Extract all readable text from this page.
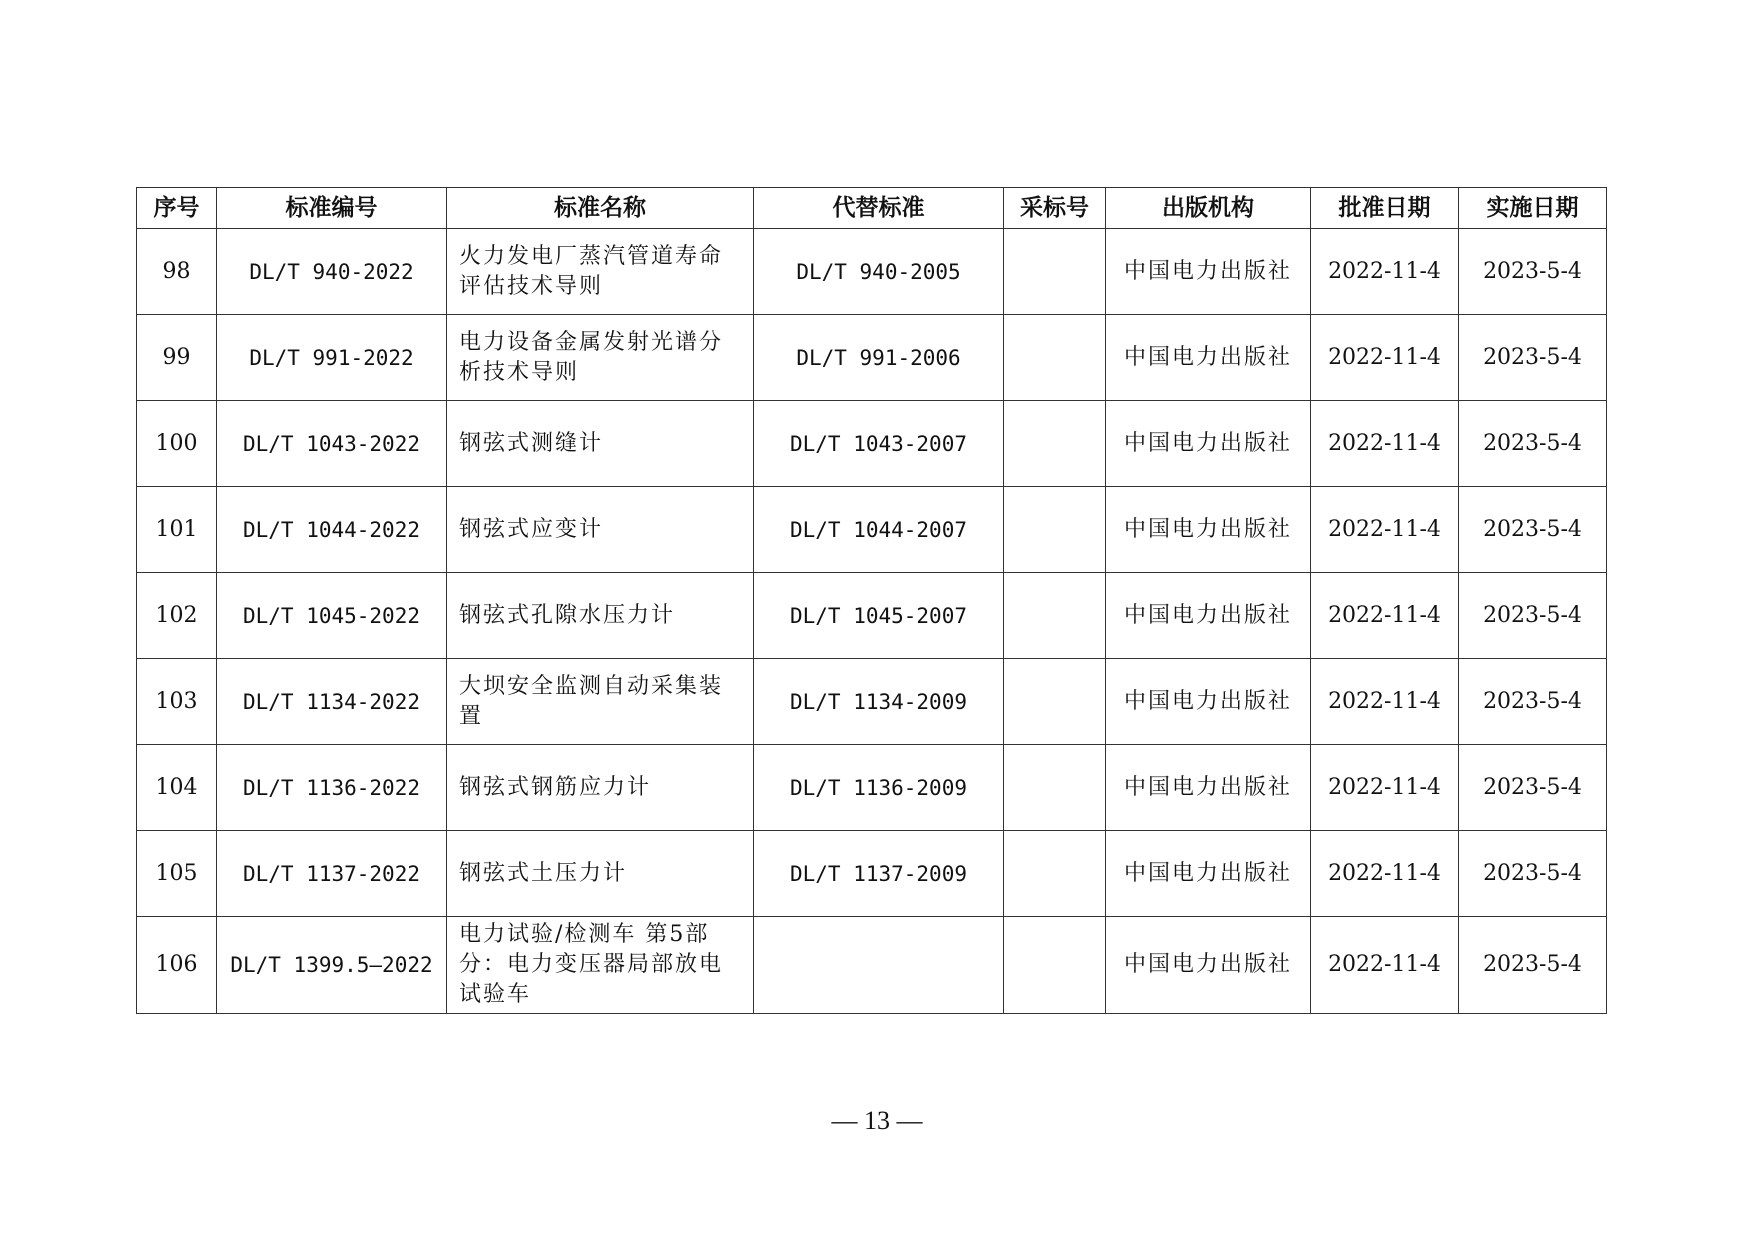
序号	标准编号	标准名称	代替标准	采标号	出版机构	批准日期	实施日期
98	DL/T 940-2022	火力发电厂蒸汽管道寿命评估技术导则	DL/T 940-2005		中国电力出版社	2022-11-4	2023-5-4
99	DL/T 991-2022	电力设备金属发射光谱分析技术导则	DL/T 991-2006		中国电力出版社	2022-11-4	2023-5-4
100	DL/T 1043-2022	钢弦式测缝计	DL/T 1043-2007		中国电力出版社	2022-11-4	2023-5-4
101	DL/T 1044-2022	钢弦式应变计	DL/T 1044-2007		中国电力出版社	2022-11-4	2023-5-4
102	DL/T 1045-2022	钢弦式孔隙水压力计	DL/T 1045-2007		中国电力出版社	2022-11-4	2023-5-4
103	DL/T 1134-2022	大坝安全监测自动采集装置	DL/T 1134-2009		中国电力出版社	2022-11-4	2023-5-4
104	DL/T 1136-2022	钢弦式钢筋应力计	DL/T 1136-2009		中国电力出版社	2022-11-4	2023-5-4
105	DL/T 1137-2022	钢弦式土压力计	DL/T 1137-2009		中国电力出版社	2022-11-4	2023-5-4
106	DL/T 1399.5—2022	电力试验/检测车 第5部分：电力变压器局部放电试验车			中国电力出版社	2022-11-4	2023-5-4
— 13 —
